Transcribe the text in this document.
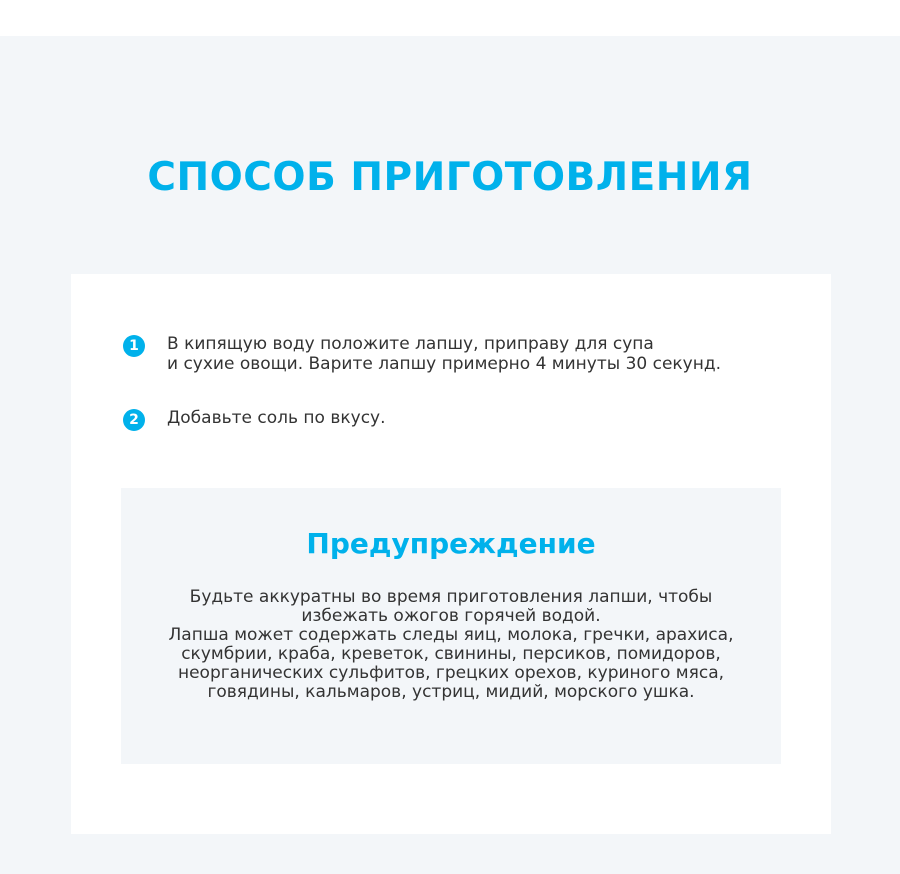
СПОСОБ ПРИГОТОВЛЕНИЯ
1	В кипящую воду положите лапшу, приправу для супа
и сухие овощи. Варите лапшу примерно 4 минуты 30 секунд.
2	Добавьте соль по вкусу.
Предупреждение

Будьте аккуратны во время приготовления лапши, чтобы

избежать ожогов горячей водой.

Лапша может содержать следы яиц, молока, гречки, арахиса,

скумбрии, краба, креветок, свинины, персиков, помидоров,

неорганических сульфитов, грецких орехов, куриного мяса,

говядины, кальмаров, устриц, мидий, морского ушка.
